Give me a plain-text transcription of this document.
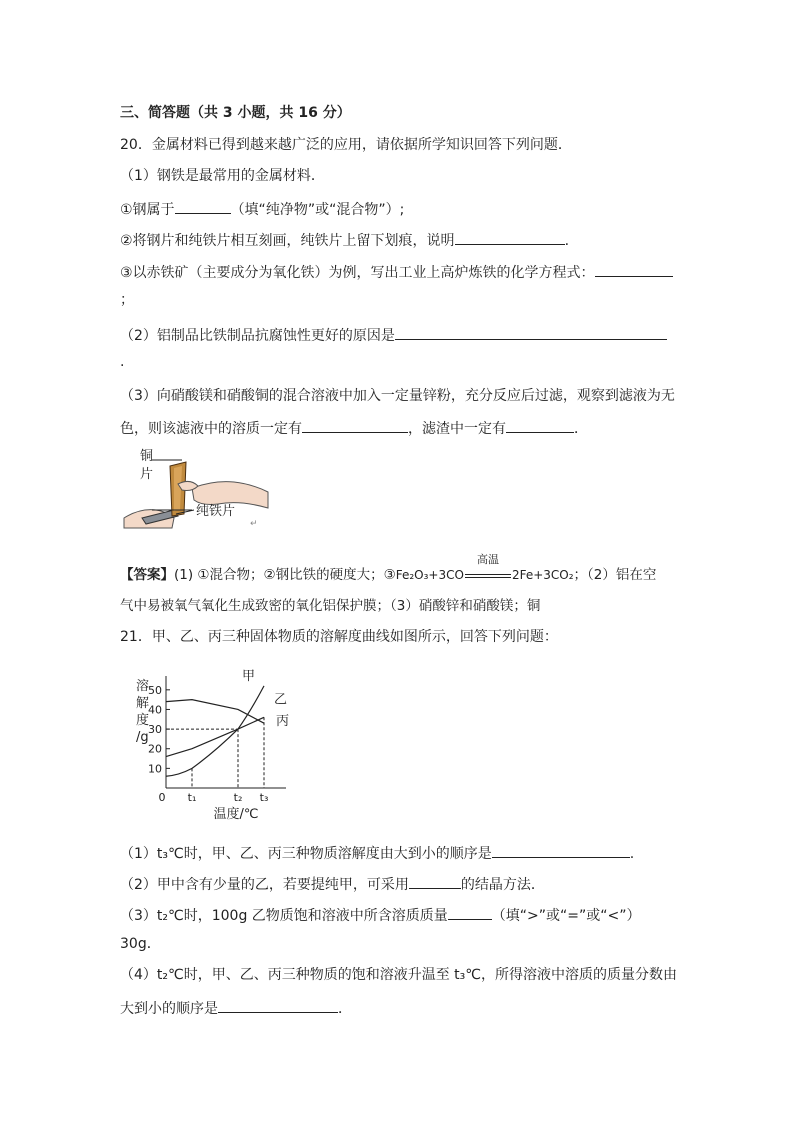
三、简答题（共 3 小题，共 16 分）
20．金属材料已得到越来越广泛的应用，请依据所学知识回答下列问题．
（1）钢铁是最常用的金属材料．
①钢属于	（填“纯净物”或“混合物”）;
②将钢片和纯铁片相互刻画，纯铁片上留下划痕，说明	.
③以赤铁矿（主要成分为氧化铁）为例，写出工业上高炉炼铁的化学方程式：
；
（2）铝制品比铁制品抗腐蚀性更好的原因是
.
（3）向硝酸镁和硝酸铜的混合溶液中加入一定量锌粉，充分反应后过滤，观察到滤液为无
色，则该滤液中的溶质一定有	，滤渣中一定有	．
铜
片
纯铁片
↵
【答案】(1) ①混合物；②钢比铁的硬度大；③Fe₂O₃+3CO
高温
2Fe+3CO₂；（2）铝在空
气中易被氧气氧化生成致密的氧化铝保护膜；（3）硝酸锌和硝酸镁；铜
21．甲、乙、丙三种固体物质的溶解度曲线如图所示，回答下列问题：
溶
解
度
/g
10
20
30
40
50
0 t₁	t₂ t₃
温度/℃
甲
乙
丙
（1）t₃℃时，甲、乙、丙三种物质溶解度由大到小的顺序是	.
（2）甲中含有少量的乙，若要提纯甲，可采用	的结晶方法．
（3）t₂℃时，100g 乙物质饱和溶液中所含溶质质量	（填“>”或“=”或“<”）
30g．
（4）t₂℃时，甲、乙、丙三种物质的饱和溶液升温至 t₃℃，所得溶液中溶质的质量分数由
大到小的顺序是	．
